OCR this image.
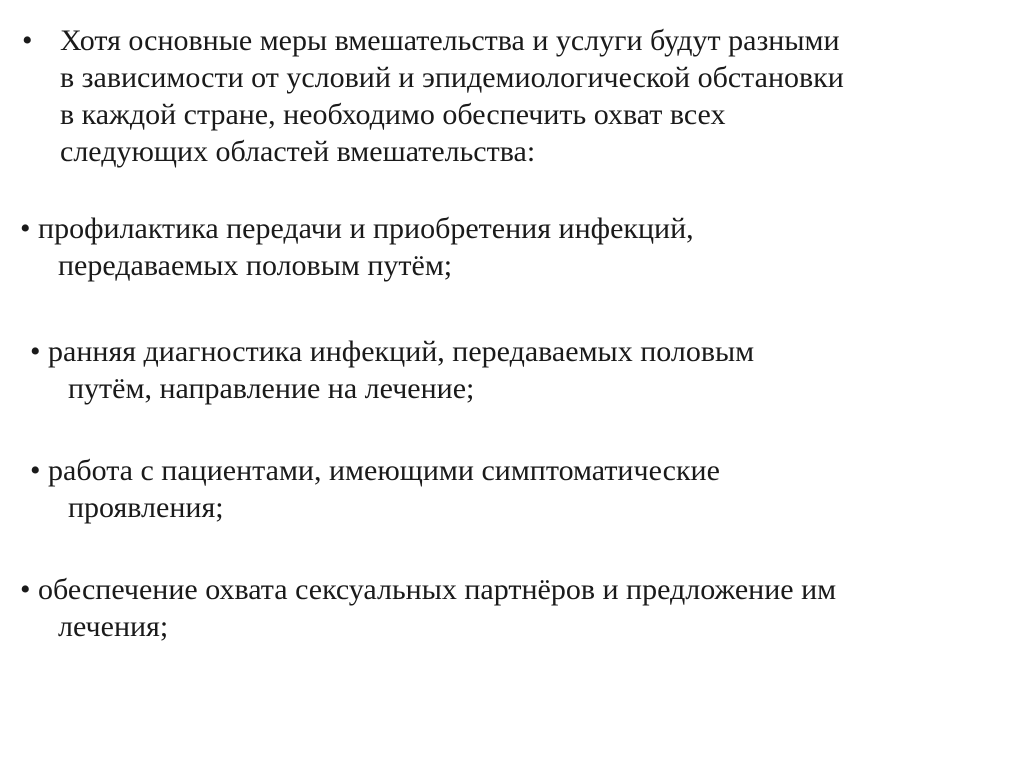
• Хотя основные меры вмешательства и услуги будут разными
в зависимости от условий и эпидемиологической обстановки
в каждой стране, необходимо обеспечить охват всех
следующих областей вмешательства:
• профилактика передачи и приобретения инфекций,
передаваемых половым путём;
• ранняя диагностика инфекций, передаваемых половым
путём, направление на лечение;
• работа с пациентами, имеющими симптоматические
проявления;
• обеспечение охвата сексуальных партнёров и предложение им
лечения;
